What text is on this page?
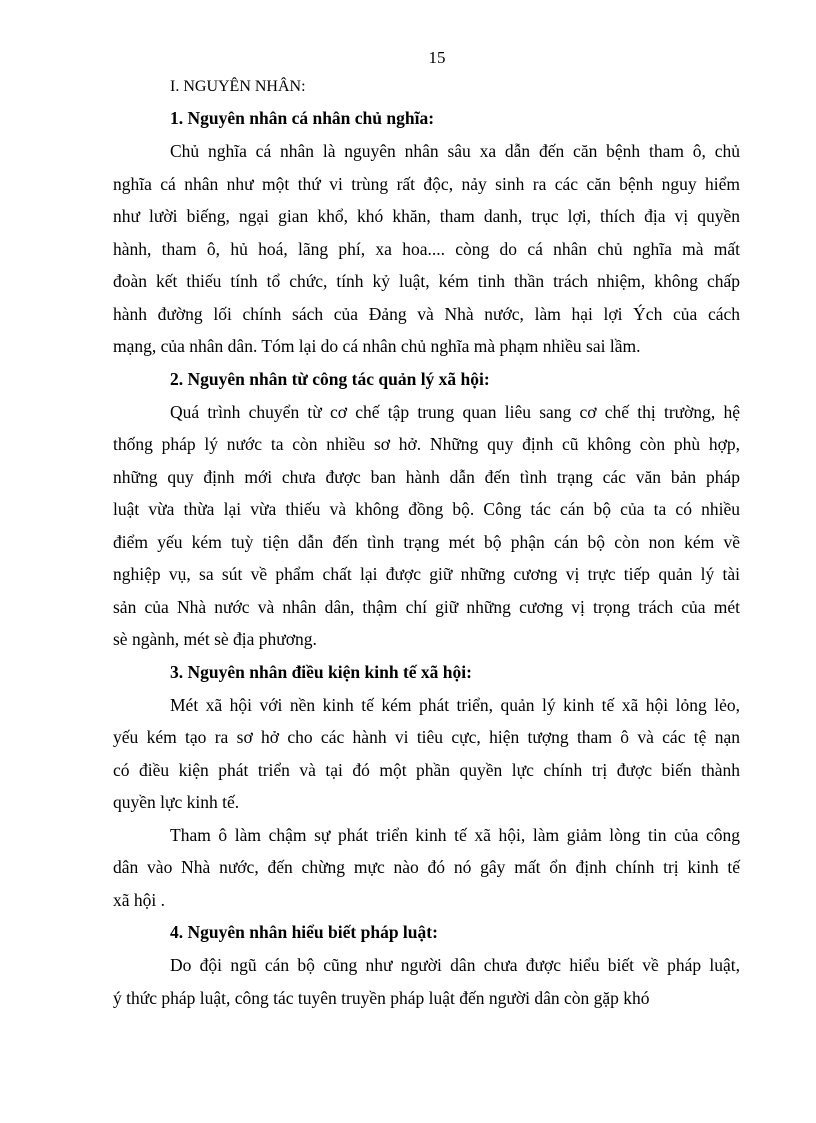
15

I. NGUYÊN NHÂN:

1. Nguyên nhân cá nhân chủ nghĩa:

Chủ nghĩa cá nhân là nguyên nhân sâu xa dẫn đến căn bệnh tham ô, chủ
nghĩa cá nhân như một thứ vi trùng rất độc, nảy sinh ra các căn bệnh nguy hiểm
như lười biếng, ngại gian khổ, khó khăn, tham danh, trục lợi, thích địa vị quyền
hành, tham ô, hủ hoá, lãng phí, xa hoa.... còng do cá nhân chủ nghĩa mà mất
đoàn kết thiếu tính tổ chức, tính kỷ luật, kém tinh thần trách nhiệm, không chấp
hành đường lối chính sách của Đảng và Nhà nước, làm hại lợi Ých của cách
mạng, của nhân dân. Tóm lại do cá nhân chủ nghĩa mà phạm nhiều sai lầm.

2. Nguyên nhân từ công tác quản lý xã hội:

Quá trình chuyển từ cơ chế tập trung quan liêu sang cơ chế thị trường, hệ
thống pháp lý nước ta còn nhiều sơ hở. Những quy định cũ không còn phù hợp,
những quy định mới chưa được ban hành dẫn đến tình trạng các văn bản pháp
luật vừa thừa lại vừa thiếu và không đồng bộ. Công tác cán bộ của ta có nhiều
điểm yếu kém tuỳ tiện dẫn đến tình trạng mét bộ phận cán bộ còn non kém về
nghiệp vụ, sa sút về phẩm chất lại được giữ những cương vị trực tiếp quản lý tài
sản của Nhà nước và nhân dân, thậm chí giữ những cương vị trọng trách của mét
sè ngành, mét sè địa phương.

3. Nguyên nhân điều kiện kinh tế xã hội:

Mét xã hội với nền kinh tế kém phát triển, quản lý kinh tế xã hội lỏng lẻo,
yếu kém tạo ra sơ hở cho các hành vi tiêu cực, hiện tượng tham ô và các tệ nạn
có điều kiện phát triển và tại đó một phần quyền lực chính trị được biến thành
quyền lực kinh tế.
Tham ô làm chậm sự phát triển kinh tế xã hội, làm giảm lòng tin của công
dân vào Nhà nước, đến chừng mực nào đó nó gây mất ổn định chính trị kinh tế
xã hội .

4. Nguyên nhân hiểu biết pháp luật:

Do đội ngũ cán bộ cũng như người dân chưa được hiểu biết về pháp luật,
ý thức pháp luật, công tác tuyên truyền pháp luật đến người dân còn gặp khó
